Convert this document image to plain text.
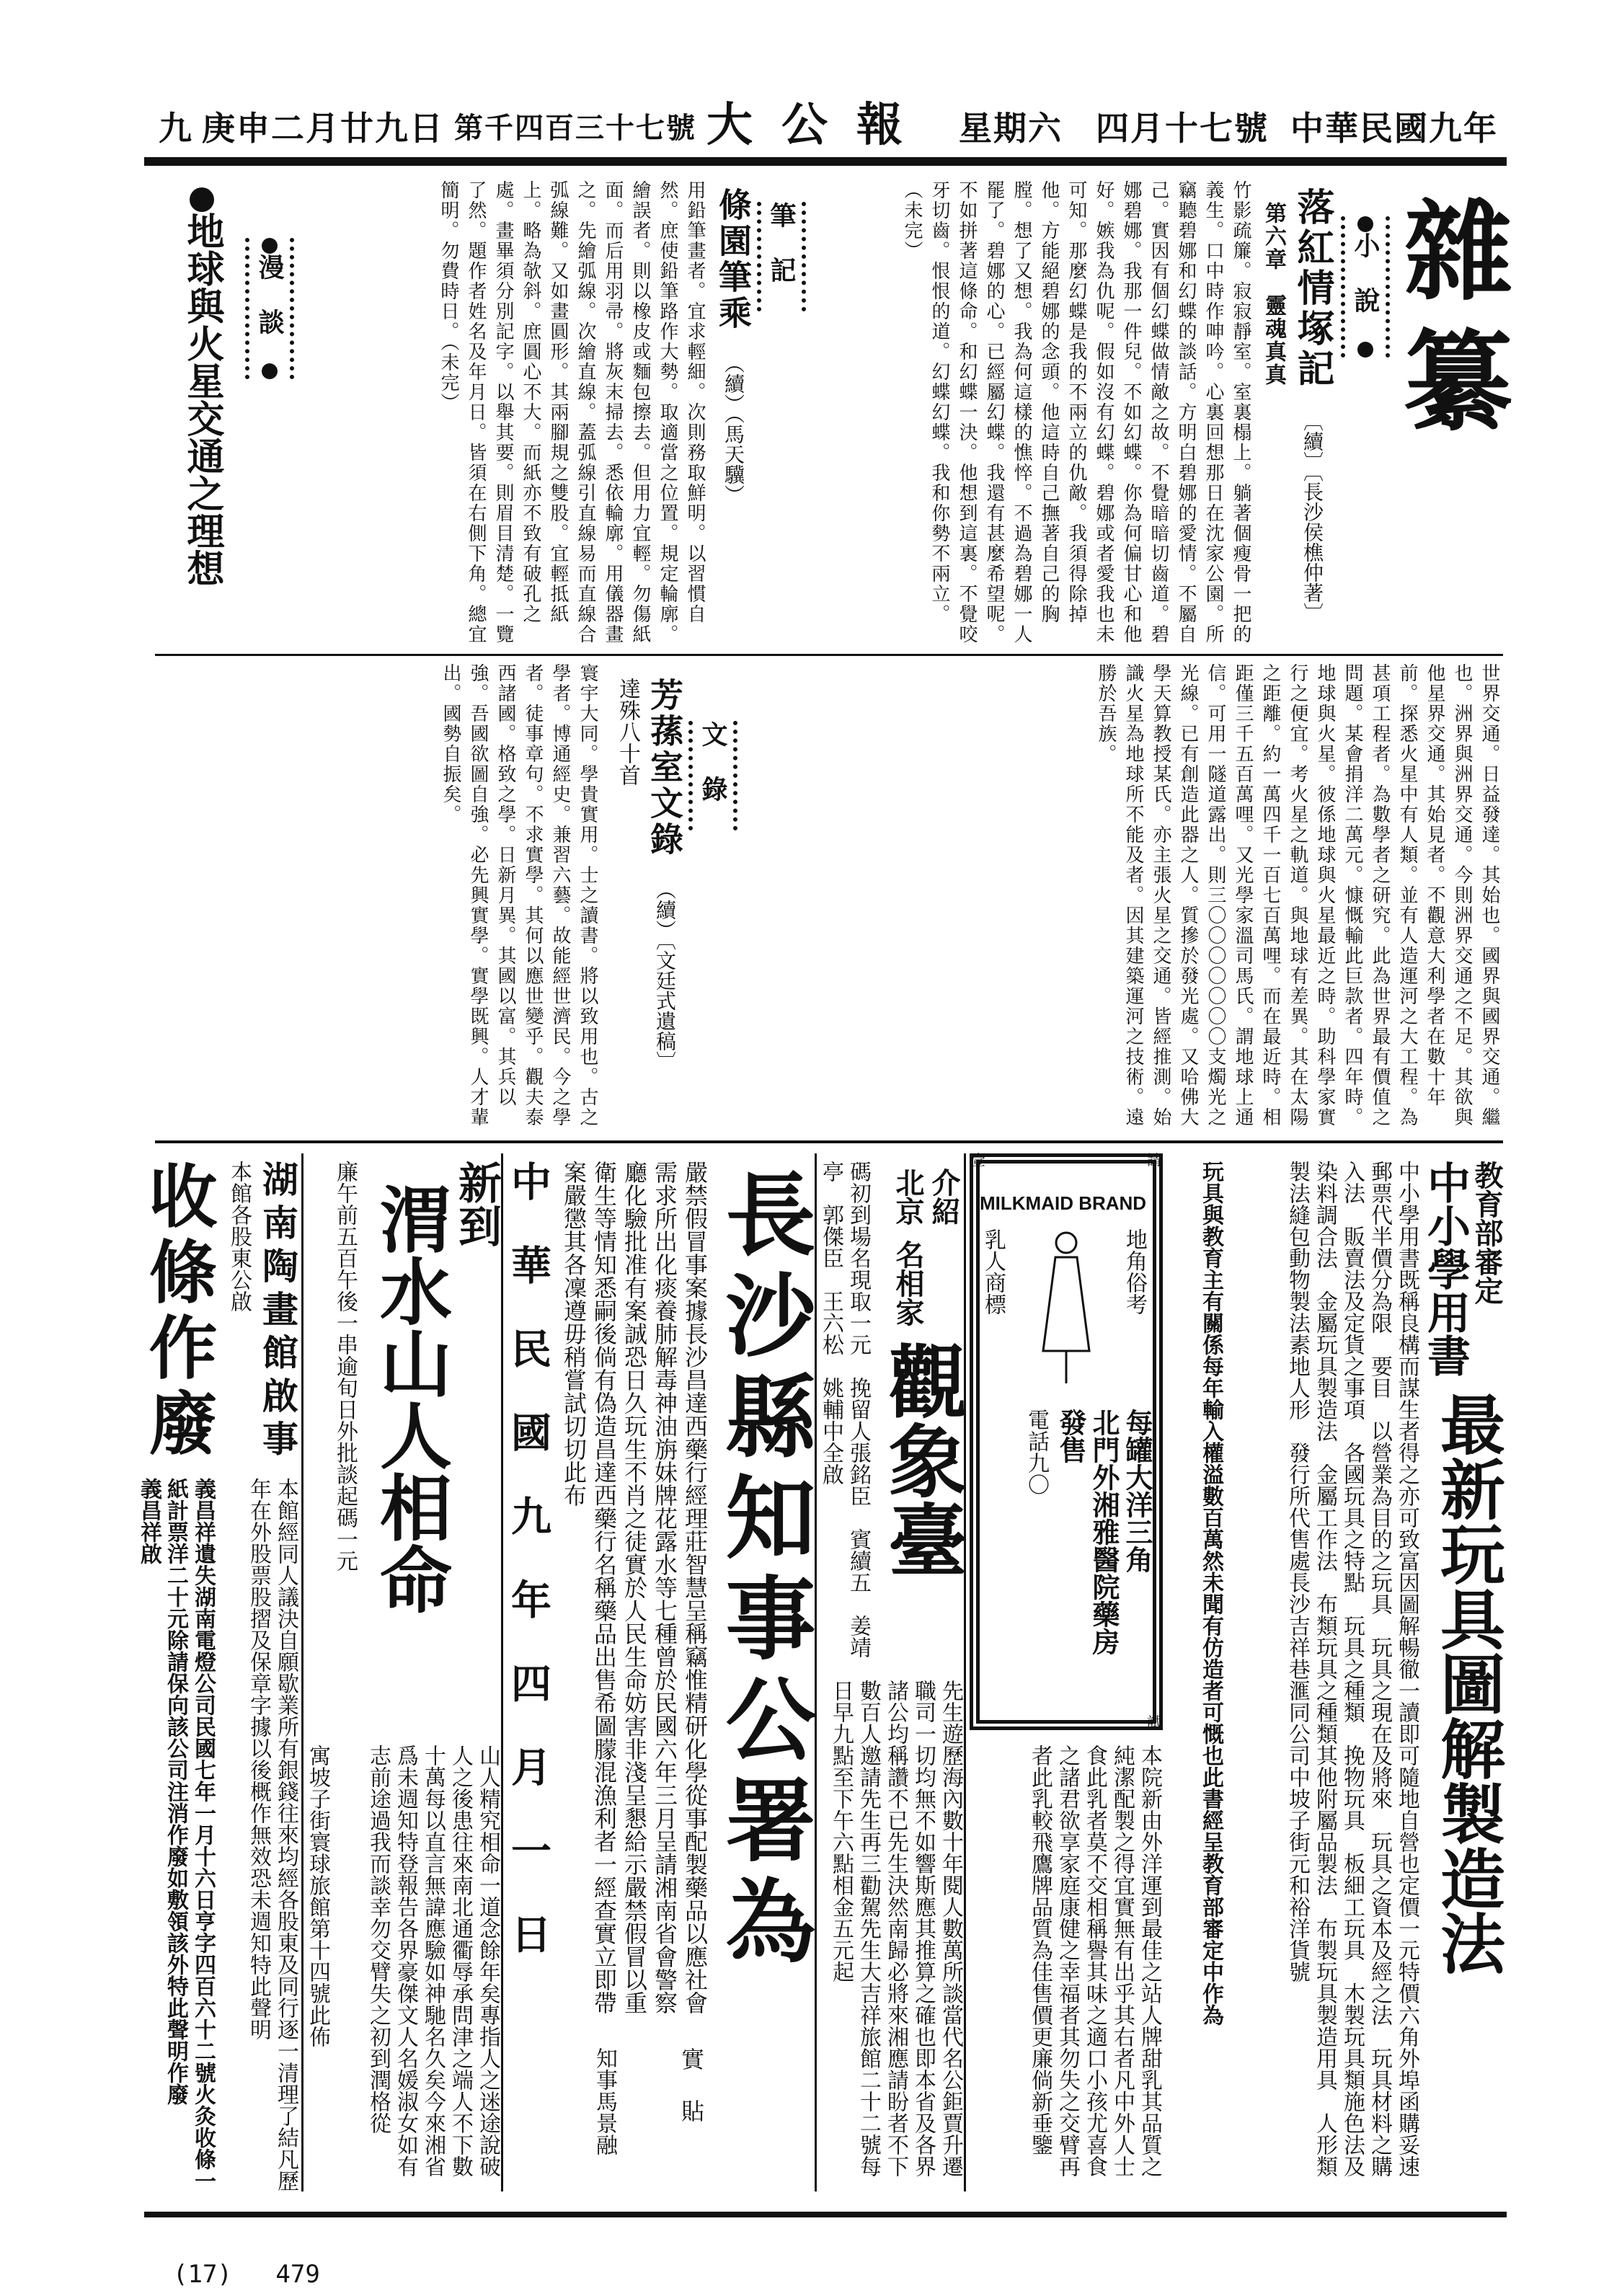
中華民國九年
四月十七號
星期六
大公報
第千四百三十七號
庚申二月廿九日
九
雜纂
小說
落紅情塚記
〔續〕〔長沙侯樵仲著〕
第六章　靈魂真真
竹影疏簾。寂寂靜室。室裏榻上。躺著個瘦骨一把的義生。口中時作呻吟。心裏回想那日在沈家公園。所竊聽碧娜和幻蝶的談話。方明白碧娜的愛情。不屬自己。實因有個幻蝶做情敵之故。不覺暗暗切齒道。碧娜碧娜。我那一件兒。不如幻蝶。你為何偏甘心和他好。嫉我為仇呢。假如沒有幻蝶。碧娜或者愛我也未可知。那麼幻蝶是我的不兩立的仇敵。我須得除掉他。方能絕碧娜的念頭。他這時自己撫著自己的胸膛。想了又想。我為何這樣的憔悴。不過為碧娜一人罷了。碧娜的心。已經屬幻蝶。我還有甚麼希望呢。不如拼著這條命。和幻蝶一決。他想到這裏。不覺咬牙切齒。恨恨的道。幻蝶幻蝶。我和你勢不兩立。（未完）
筆記
條園筆乘
（續）（馬天驥）
用鉛筆畫者。宜求輕細。次則務取鮮明。以習慣自然。庶使鉛筆路作大勢。取適當之位置。規定輪廓。繪誤者。則以橡皮或麵包擦去。但用力宜輕。勿傷紙面。而后用羽帚。將灰末掃去。悉依輪廓。用儀器畫之。先繪弧線。次繪直線。蓋弧線引直線易而直線合弧線難。又如畫圓形。其兩腳規之雙股。宜輕抵紙上。略為欹斜。庶圓心不大。而紙亦不致有破孔之處。畫畢須分別記字。以舉其要。則眉目清楚。一覽了然。題作者姓名及年月日。皆須在右側下角。總宜簡明。勿費時日。（未完）
漫談
地球與火星交通之理想
世界交通。日益發達。其始也。國界與國界交通。繼也。洲界與洲界交通。今則洲界交通之不足。其欲與他星界交通。其始見者。不觀意大利學者在數十年前。探悉火星中有人類。並有人造運河之大工程。為甚項工程者。為數學者之研究。此為世界最有價值之問題。某會捐洋二萬元。慷慨輸此巨款者。四年時。地球與火星。彼係地球與火星最近之時。助科學家實行之便宜。考火星之軌道。與地球有差異。其在太陽之距離。約一萬四千一百七百萬哩。而在最近時。相距僅三千五百萬哩。又光學家溫司馬氏。謂地球上通信。可用一隧道露出。則三〇〇〇〇〇〇〇支燭光之光線。已有創造此器之人。質摻於發光處。又哈佛大學天算教授某氏。亦主張火星之交通。皆經推測。始識火星為地球所不能及者。因其建築運河之技術。遠勝於吾族。
文錄
芳蓀室文錄
（續）〔文廷式遺稿〕
達殊八十首
寰宇大同。學貴實用。士之讀書。將以致用也。古之學者。博通經史。兼習六藝。故能經世濟民。今之學者。徒事章句。不求實學。其何以應世變乎。觀夫泰西諸國。格致之學。日新月異。其國以富。其兵以強。吾國欲圖自強。必先興實學。實學既興。人才輩出。國勢自振矣。
教育部審定
中小學用書
最新玩具圖解製造法
中小學用書既稱良構而謀生者得之亦可致富因圖解暢徹一讀即可隨地自營也定價一元特價六角外埠函購妥速郵票代半價分為限　要目　以營業為目的之玩具　玩具之現在及將來　玩具之資本及經之法　玩具材料之購入法　販賣法及定貨之事項　各國玩具之特點　玩具之種類　挽物玩具　板細工玩具　木製玩具類施色法及染料調合法　金屬玩具製造法　金屬工作法　布類玩具之種類其他附屬品製法　布製玩具製造用具　人形類製法縫包動物製法素地人形　發行所代售處長沙吉祥巷滙同公司中坡子街元和裕洋貨號
玩具與教育主有關係每年輸入權溢數百萬然未聞有仿造者可慨也此書經呈教育部審定中作為
MILKMAID BRAND
乳人商標	地角俗考
每罐大洋三角
北門外湘雅醫院藥房
發售
電話九〇
壹	請
試
本院新由外洋運到最佳之站人牌甜乳其品質之純潔配製之得宜實無有出乎其右者凡中外人士食此乳者莫不交相稱譽其味之適口小孩尤喜食之諸君欲享家庭康健之幸福者其勿失之交臂再者此乳較飛鷹牌品質為佳售價更廉倘新垂鑒
介紹
北京
名相家
觀象臺
碼初到場名現取一元　挽留人張銘臣　賓續五　姜靖亭　郭傑臣　王六松　姚輔中全啟
先生遊歷海內數十年閱人數萬所談當代名公鉅賈升遷職司一切均無不如響斯應其推算之確也即本省及各界諸公均稱讚不已先生決然南歸必將來湘應請盼者不下數百人邀請先生再三勸駕先生大吉祥旅館二十二號每日早九點至下午六點相金五元起
長沙縣知事公署為
嚴禁假冒事案據長沙昌達西藥行經理莊智慧呈稱竊惟精研化學從事配製藥品以應社會需求所出化痰養肺解毒神油旃妹牌花露水等七種曾於民國六年三月呈請湘南省會警察廳化驗批准有案誠恐日久玩生不肖之徒實於人民生命妨害非淺呈懇給示嚴禁假冒以重衛生等情知悉嗣後倘有偽造昌達西藥行名稱藥品出售希圖朦混漁利者一經查實立即帶案嚴懲其各凜遵毋稍嘗試切切此布
中華民國九年四月一日
實貼
知事馬景融
新到
渭水山人相命
廉午前五百午後一串逾旬日外批談起碼一元
山人精究相命一道念餘年矣專指人之迷途說破人之後患往來南北通衢辱承問津之端人不下數十萬每以直言無諱應驗如神馳名久矣今來湘省爲未週知特登報告各界豪傑文人名媛淑女如有志前途過我而談幸勿交臂失之初到潤格從
寓坡子街寰球旅館第十四號此佈
湖南陶畫館啟事
本館各股東公啟
本館經同人議決自願歇業所有銀錢往來均經各股東及同行逐一清理了結凡歷年在外股票股摺及保章字據以後概作無效恐未週知特此聲明
收條作廢
義昌祥遺失湖南電燈公司民國七年一月十六日亨字四百六十二號火灸收條一紙計票洋二十元除請保向該公司注消作廢如敷領該外特此聲明作廢
義昌祥啟
(17) 479
